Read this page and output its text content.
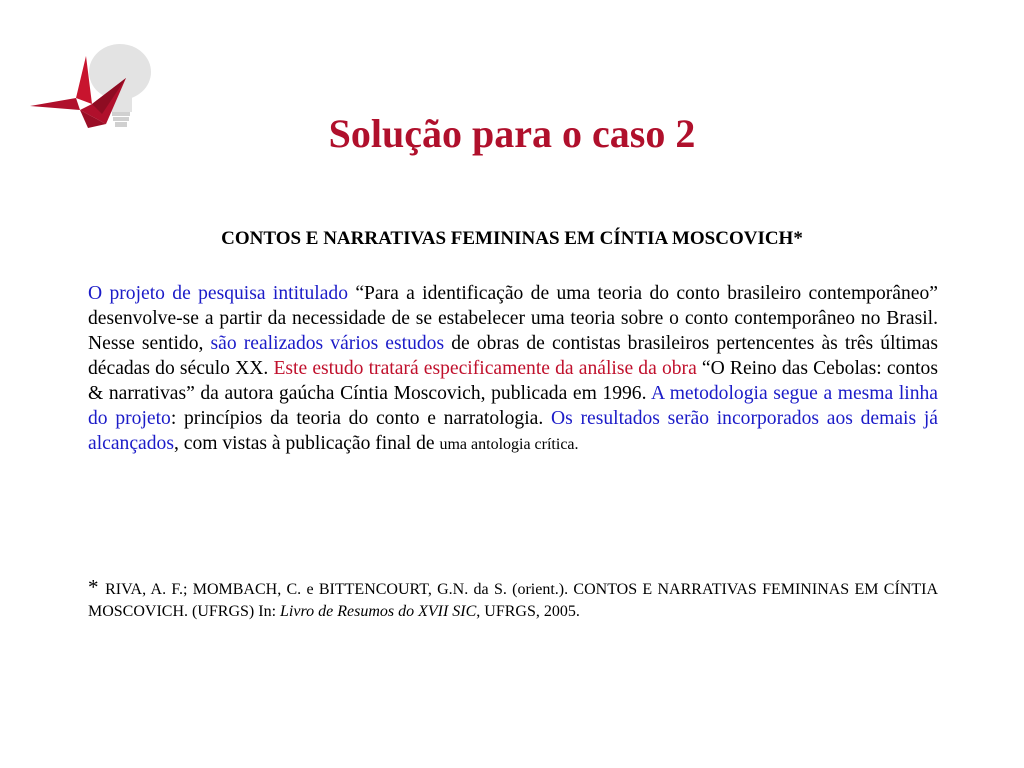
Solução para o caso 2
CONTOS E NARRATIVAS FEMININAS EM CÍNTIA MOSCOVICH*

O projeto de pesquisa intitulado “Para a identificação de uma teoria do conto brasileiro contemporâneo” desenvolve-se a partir da necessidade de se estabelecer uma teoria sobre o conto contemporâneo no Brasil. Nesse sentido, são realizados vários estudos de obras de contistas brasileiros pertencentes às três últimas décadas do século XX. Este estudo tratará especificamente da análise da obra “O Reino das Cebolas: contos & narrativas” da autora gaúcha Cíntia Moscovich, publicada em 1996. A metodologia segue a mesma linha do projeto: princípios da teoria do conto e narratologia. Os resultados serão incorporados aos demais já alcançados, com vistas à publicação final de uma antologia crítica.

* RIVA, A. F.; MOMBACH, C. e BITTENCOURT, G.N. da S. (orient.). CONTOS E NARRATIVAS FEMININAS EM CÍNTIA MOSCOVICH. (UFRGS) In: Livro de Resumos do XVII SIC, UFRGS, 2005.
